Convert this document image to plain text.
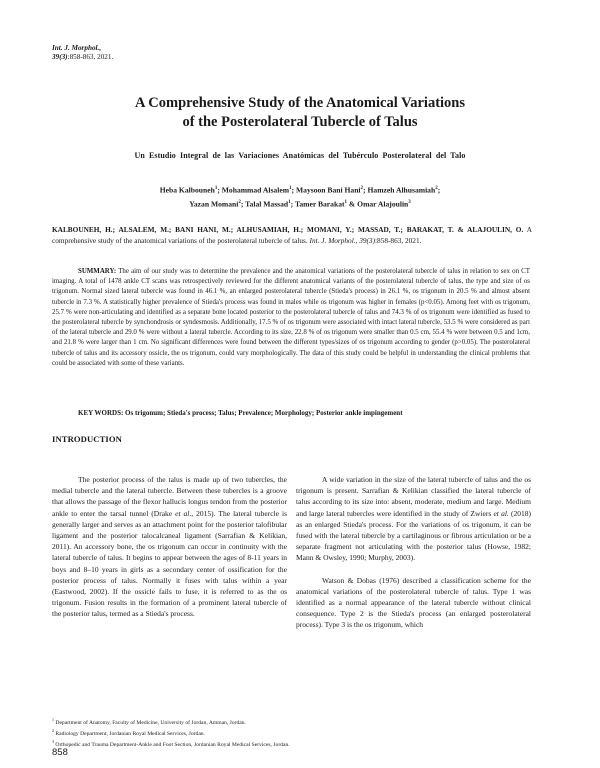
Int. J. Morphol.,
39(3):858-863, 2021.
A Comprehensive Study of the Anatomical Variations
of the Posterolateral Tubercle of Talus
Un Estudio Integral de las Variaciones Anatómicas del Tubérculo Posterolateral del Talo
Heba Kalbouneh$^1$; Mohammad Alsalem$^1$; Maysoon Bani Hani$^2$; Hamzeh Alhusamiah$^2$;
Yazan Momani$^2$; Talal Massad$^1$; Tamer Barakat$^1$ & Omar Alajoulin$^3$
KALBOUNEH, H.; ALSALEM, M.; BANI HANI, M.; ALHUSAMIAH, H.; MOMANI, Y.; MASSAD, T.; BARAKAT, T. & ALAJOULIN, O. A comprehensive study of the anatomical variations of the posterolateral tubercle of talus. Int. J. Morphol., 39(3):858-863, 2021.
SUMMARY: The aim of our study was to determine the prevalence and the anatomical variations of the posterolateral tubercle of talus in relation to sex on CT imaging. A total of 1478 ankle CT scans was retrospectively reviewed for the different anatomical variants of the posterolateral tubercle of talus, the type and size of os trigonum. Normal sized lateral tubercle was found in 46.1 %, an enlarged posterolateral tubercle (Stieda's process) in 26.1 %, os trigonum in 20.5 % and almost absent tubercle in 7.3 %. A statistically higher prevalence of Stieda's process was found in males while os trigonum was higher in females (p<0.05). Among feet with os trigonum, 25.7 % were non-articulating and identified as a separate bone located posterior to the posterolateral tubercle of talus and 74.3 % of os trigonum were identified as fused to the posterolateral tubercle by synchondrosis or syndesmosis. Additionally, 17.5 % of os trigonum were associated with intact lateral tubercle, 53.5 % were considered as part of the lateral tubercle and 29.0 % were without a lateral tubercle. According to its size, 22.8 % of os trigonum were smaller than 0.5 cm, 55.4 % were between 0.5 and 1cm, and 21.8 % were larger than 1 cm. No significant differences were found between the different types/sizes of os trigonum according to gender (p>0.05). The posterolateral tubercle of talus and its accessory ossicle, the os trigonum, could vary morphologically. The data of this study could be helpful in understanding the clinical problems that could be associated with some of these variants.
KEY WORDS: Os trigonum; Stieda's process; Talus; Prevalence; Morphology; Posterior ankle impingement
INTRODUCTION

The posterior process of the talus is made up of two tubercles, the medial tubercle and the lateral tubercle. Between these tubercles is a groove that allows the passage of the flexor hallucis longus tendon from the posterior ankle to enter the tarsal tunnel (Drake et al., 2015). The lateral tubercle is generally larger and serves as an attachment point for the posterior talofibular ligament and the posterior talocalcaneal ligament (Sarrafian & Kelikian, 2011). An accessory bone, the os trigonum can occur in continuity with the lateral tubercle of talus. It begins to appear between the ages of 8-11 years in boys and 8–10 years in girls as a secondary center of ossification for the posterior process of talus. Normally it fuses with talus within a year (Eastwood, 2002). If the ossicle fails to fuse, it is referred to as the os trigonum. Fusion results in the formation of a prominent lateral tubercle of the posterior talus, termed as a Stieda's process.

A wide variation in the size of the lateral tubercle of talus and the os trigonum is present. Sarrafian & Kelikian classified the lateral tubercle of talus according to its size into: absent, moderate, medium and large. Medium and large lateral tubercles were identified in the study of Zwiers et al. (2018) as an enlarged Stieda's process. For the variations of os trigonum, it can be fused with the lateral tubercle by a cartilaginous or fibrous articulation or be a separate fragment not articulating with the posterior talus (Howse, 1982; Mann & Owsley, 1990; Murphy, 2003).

Watson & Dobas (1976) described a classification scheme for the anatomical variations of the posterolateral tubercle of talus. Type 1 was identified as a normal appearance of the lateral tubercle without clinical consequence. Type 2 is the Stieda's process (an enlarged posterolateral process). Type 3 is the os trigonum, which

$^1$ Department of Anatomy, Faculty of Medicine, University of Jordan, Amman, Jordan.
$^2$ Radiology Department, Jordanian Royal Medical Services, Jordan.
$^3$ Orthopedic and Trauma Department-Ankle and Foot Section, Jordanian Royal Medical Services, Jordan.
858
